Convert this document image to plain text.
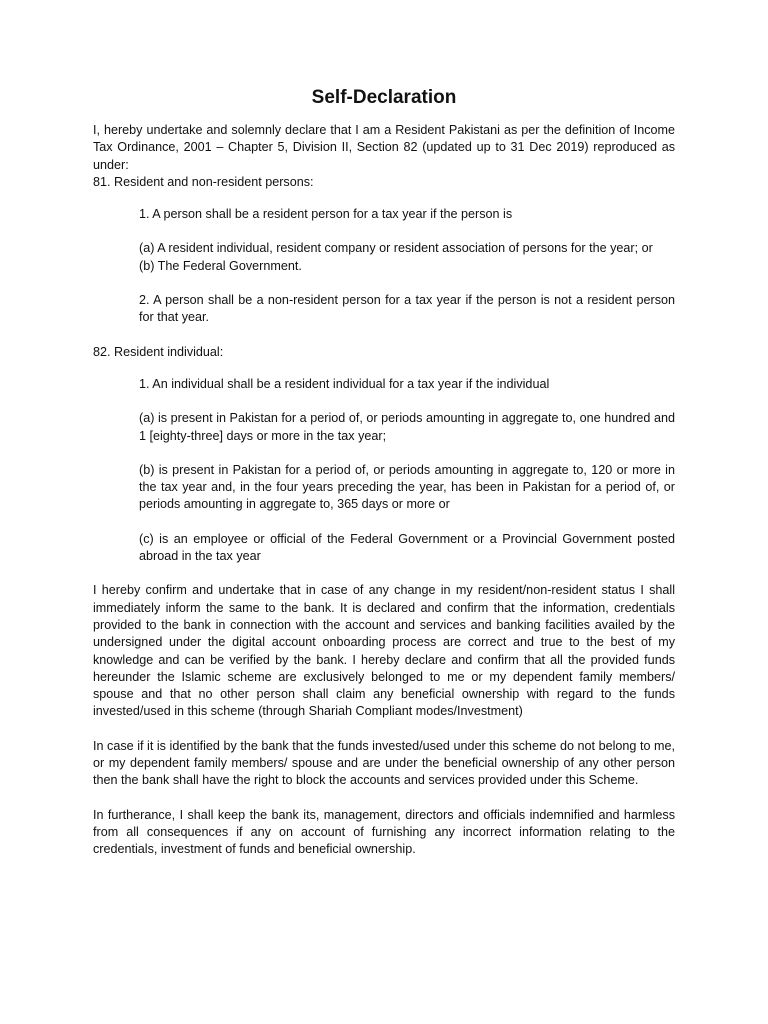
Self-Declaration

I, hereby undertake and solemnly declare that I am a Resident Pakistani as per the definition of Income Tax Ordinance, 2001 – Chapter 5, Division II, Section 82 (updated up to 31 Dec 2019) reproduced as under:

81. Resident and non-resident persons:

1. A person shall be a resident person for a tax year if the person is

(a) A resident individual, resident company or resident association of persons for the year; or

(b) The Federal Government.

2. A person shall be a non-resident person for a tax year if the person is not a resident person for that year.

82. Resident individual:

1. An individual shall be a resident individual for a tax year if the individual

(a) is present in Pakistan for a period of, or periods amounting in aggregate to, one hundred and 1 [eighty-three] days or more in the tax year;

(b) is present in Pakistan for a period of, or periods amounting in aggregate to, 120 or more in the tax year and, in the four years preceding the year, has been in Pakistan for a period of, or periods amounting in aggregate to, 365 days or more or

(c) is an employee or official of the Federal Government or a Provincial Government posted abroad in the tax year

I hereby confirm and undertake that in case of any change in my resident/non-resident status I shall immediately inform the same to the bank. It is declared and confirm that the information, credentials provided to the bank in connection with the account and services and banking facilities availed by the undersigned under the digital account onboarding process are correct and true to the best of my knowledge and can be verified by the bank. I hereby declare and confirm that all the provided funds hereunder the Islamic scheme are exclusively belonged to me or my dependent family members/ spouse and that no other person shall claim any beneficial ownership with regard to the funds invested/used in this scheme (through Shariah Compliant modes/Investment)

In case if it is identified by the bank that the funds invested/used under this scheme do not belong to me, or my dependent family members/ spouse and are under the beneficial ownership of any other person then the bank shall have the right to block the accounts and services provided under this Scheme.

In furtherance, I shall keep the bank its, management, directors and officials indemnified and harmless from all consequences if any on account of furnishing any incorrect information relating to the credentials, investment of funds and beneficial ownership.
